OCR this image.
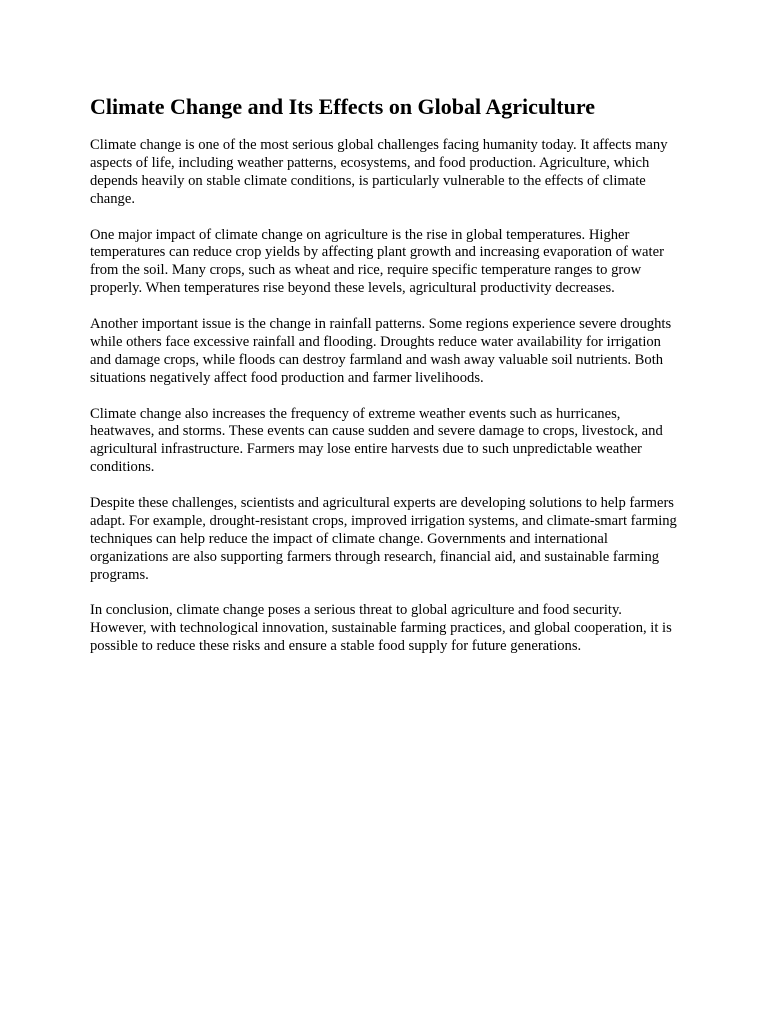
Climate Change and Its Effects on Global Agriculture

Climate change is one of the most serious global challenges facing humanity today. It affects many aspects of life, including weather patterns, ecosystems, and food production. Agriculture, which depends heavily on stable climate conditions, is particularly vulnerable to the effects of climate change.

One major impact of climate change on agriculture is the rise in global temperatures. Higher temperatures can reduce crop yields by affecting plant growth and increasing evaporation of water from the soil. Many crops, such as wheat and rice, require specific temperature ranges to grow properly. When temperatures rise beyond these levels, agricultural productivity decreases.

Another important issue is the change in rainfall patterns. Some regions experience severe droughts while others face excessive rainfall and flooding. Droughts reduce water availability for irrigation and damage crops, while floods can destroy farmland and wash away valuable soil nutrients. Both situations negatively affect food production and farmer livelihoods.

Climate change also increases the frequency of extreme weather events such as hurricanes, heatwaves, and storms. These events can cause sudden and severe damage to crops, livestock, and agricultural infrastructure. Farmers may lose entire harvests due to such unpredictable weather conditions.

Despite these challenges, scientists and agricultural experts are developing solutions to help farmers adapt. For example, drought-resistant crops, improved irrigation systems, and climate-smart farming techniques can help reduce the impact of climate change. Governments and international organizations are also supporting farmers through research, financial aid, and sustainable farming programs.

In conclusion, climate change poses a serious threat to global agriculture and food security. However, with technological innovation, sustainable farming practices, and global cooperation, it is possible to reduce these risks and ensure a stable food supply for future generations.
